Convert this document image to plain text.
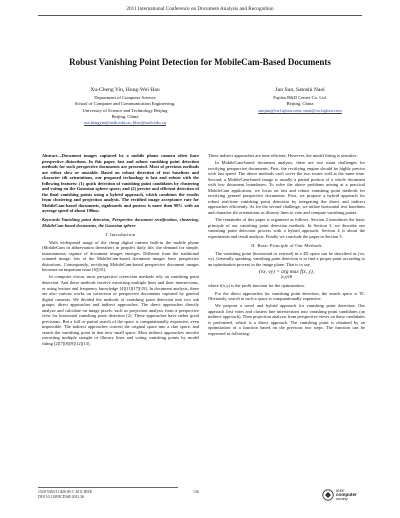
2011 International Conference on Document Analysis and Recognition
Robust Vanishing Point Detection for MobileCam-Based Documents
Xu-Cheng Yin, Hong-Wei Hao
Department of Computer Science
School of Computer and Communication Engineering,
University of Science and Technology Beijing
Beijing, China
xuchengyin@ustb.edu.cn; hhw@ustb.edu.cn
Jun Sun, Satoshi Naoi
Fujitsu R&D Center Co. Ltd.
Beijing, China
sunjun@cn.fujitsu.com; naoi@cn.fujitsu.com

Abstract—Document images captured by a mobile phone camera often have perspective distortions. In this paper, fast and robust vanishing point detection methods for such perspective documents are presented. Most of previous methods are either slow or unstable. Based on robust detection of text baselines and character tilt orientations, our proposed technology is fast and robust with the following features: (1) quick detection of vanishing point candidates by clustering and voting on the Gaussian sphere space; and (2) precise and efficient detection of the final vanishing points using a hybrid approach, which combines the results from clustering and projection analysis. The rectified image acceptance rate for MobileCam-based documents, signboards and posters is more than 98% with an average speed of about 100ms.

Keywords-Vanishing point detection, Perspective document rectification, clustering, MobileCam-based documents, the Gaussian sphere

I. Introduction

With widespread usage of the cheap digital camera built-in the mobile phone (MobileCam in abbreviation thereafter) in people's daily life, the demand for simple, instantaneous capture of document images emerges. Different from the traditional scanned image, lots of the MobileCam-based document images have perspective distortions. Consequently, rectifying MobileCam-based perspective document images becomes an important issue [6][10].

In computer vision, most perspective correction methods rely on vanishing point detection. And these methods involve extracting multiple lines and their intersections, or using texture and frequency knowledge [4][11][17][19]. In document analysis, there are also various works on correction of perspective documents captured by general digital cameras. We divided the methods of vanishing point detection into two sub groups: direct approaches and indirect approaches. The direct approaches directly analyze and calculate on image pixels, such as projection analysis from a perspective view for horizontal vanishing point detection [2]. These approaches have rather good precisions. But a full or partial search of the space is computationally expensive, even impossible. The indirect approaches convert the original space into a clue space, and search the vanishing point in that new small space. Most indirect approaches involve extracting multiple straight or illusory lines and voting vanishing points by model fitting [2][7][8][9][12][13].

These indirect approaches are time efficient. However, the model fitting is sensitive.

In MobileCam-based document analysis, there are two main challenges for rectifying perspective documents. First, the rectifying engine should be highly precise with fast speed. The above methods can't cover the two issues well at the same time. Second, a MobileCam-based image is usually a partial portion of a whole document with few document boundaries. To solve the above problems arising at a practical MobileCam application, we focus on fast and robust vanishing point methods for rectifying general perspective documents. First, we propose a hybrid approach for robust real-time vanishing point detection by integrating the direct and indirect approaches efficiently. As for the second challenge, we utilize horizontal text baselines and character tilt orientations as illusory lines to vote and compute vanishing points.

The remainder of this paper is organized as follows. Section 2 introduces the basic principle of our vanishing point detection methods. In Section 3, we describe our vanishing point detection process with a hybrid approach. Section 4 is about the experiments and result analysis. Finally we conclude the paper in Section 5.

II. Basic Principle of Our Methods

The vanishing point (horizontal or vertical) in a 2D space can be described as (vx, vy). Generally speaking, vanishing point detection is to find a proper point according to an optimization process in the image plane. That is to say,

(vx, vy) = arg max f(x, y),
(x,y)∈R

where f(x,y) is the profit function for the optimization.

For the direct approaches for vanishing point detection, the search space is 'R'. Obviously, search in such a space is computationally expensive.

We propose a novel and hybrid approach for vanishing point detection. Our approach first votes and clusters line intersections into vanishing point candidates (an indirect approach). Then projection analysis from perspective views on these candidates is performed, which is a direct approach. The vanishing point is obtained by an optimization of a function based on the previous two steps. The function can be expressed as following:

1520-5363/11 $26.00 © 2011 IEEE
DOI 10.1109/ICDAR.2011.36
136	IEEE
computer
society
